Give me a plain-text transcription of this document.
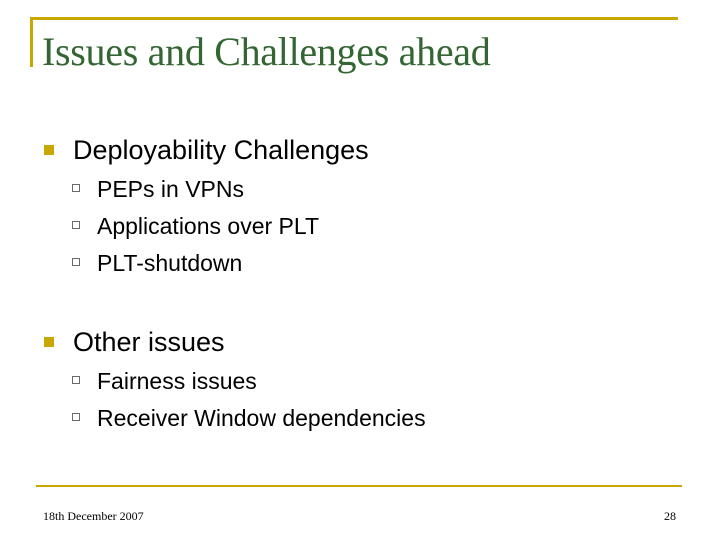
Issues and Challenges ahead
Deployability Challenges
PEPs in VPNs
Applications over PLT
PLT-shutdown
Other issues
Fairness issues
Receiver Window dependencies
18th December 2007	28
